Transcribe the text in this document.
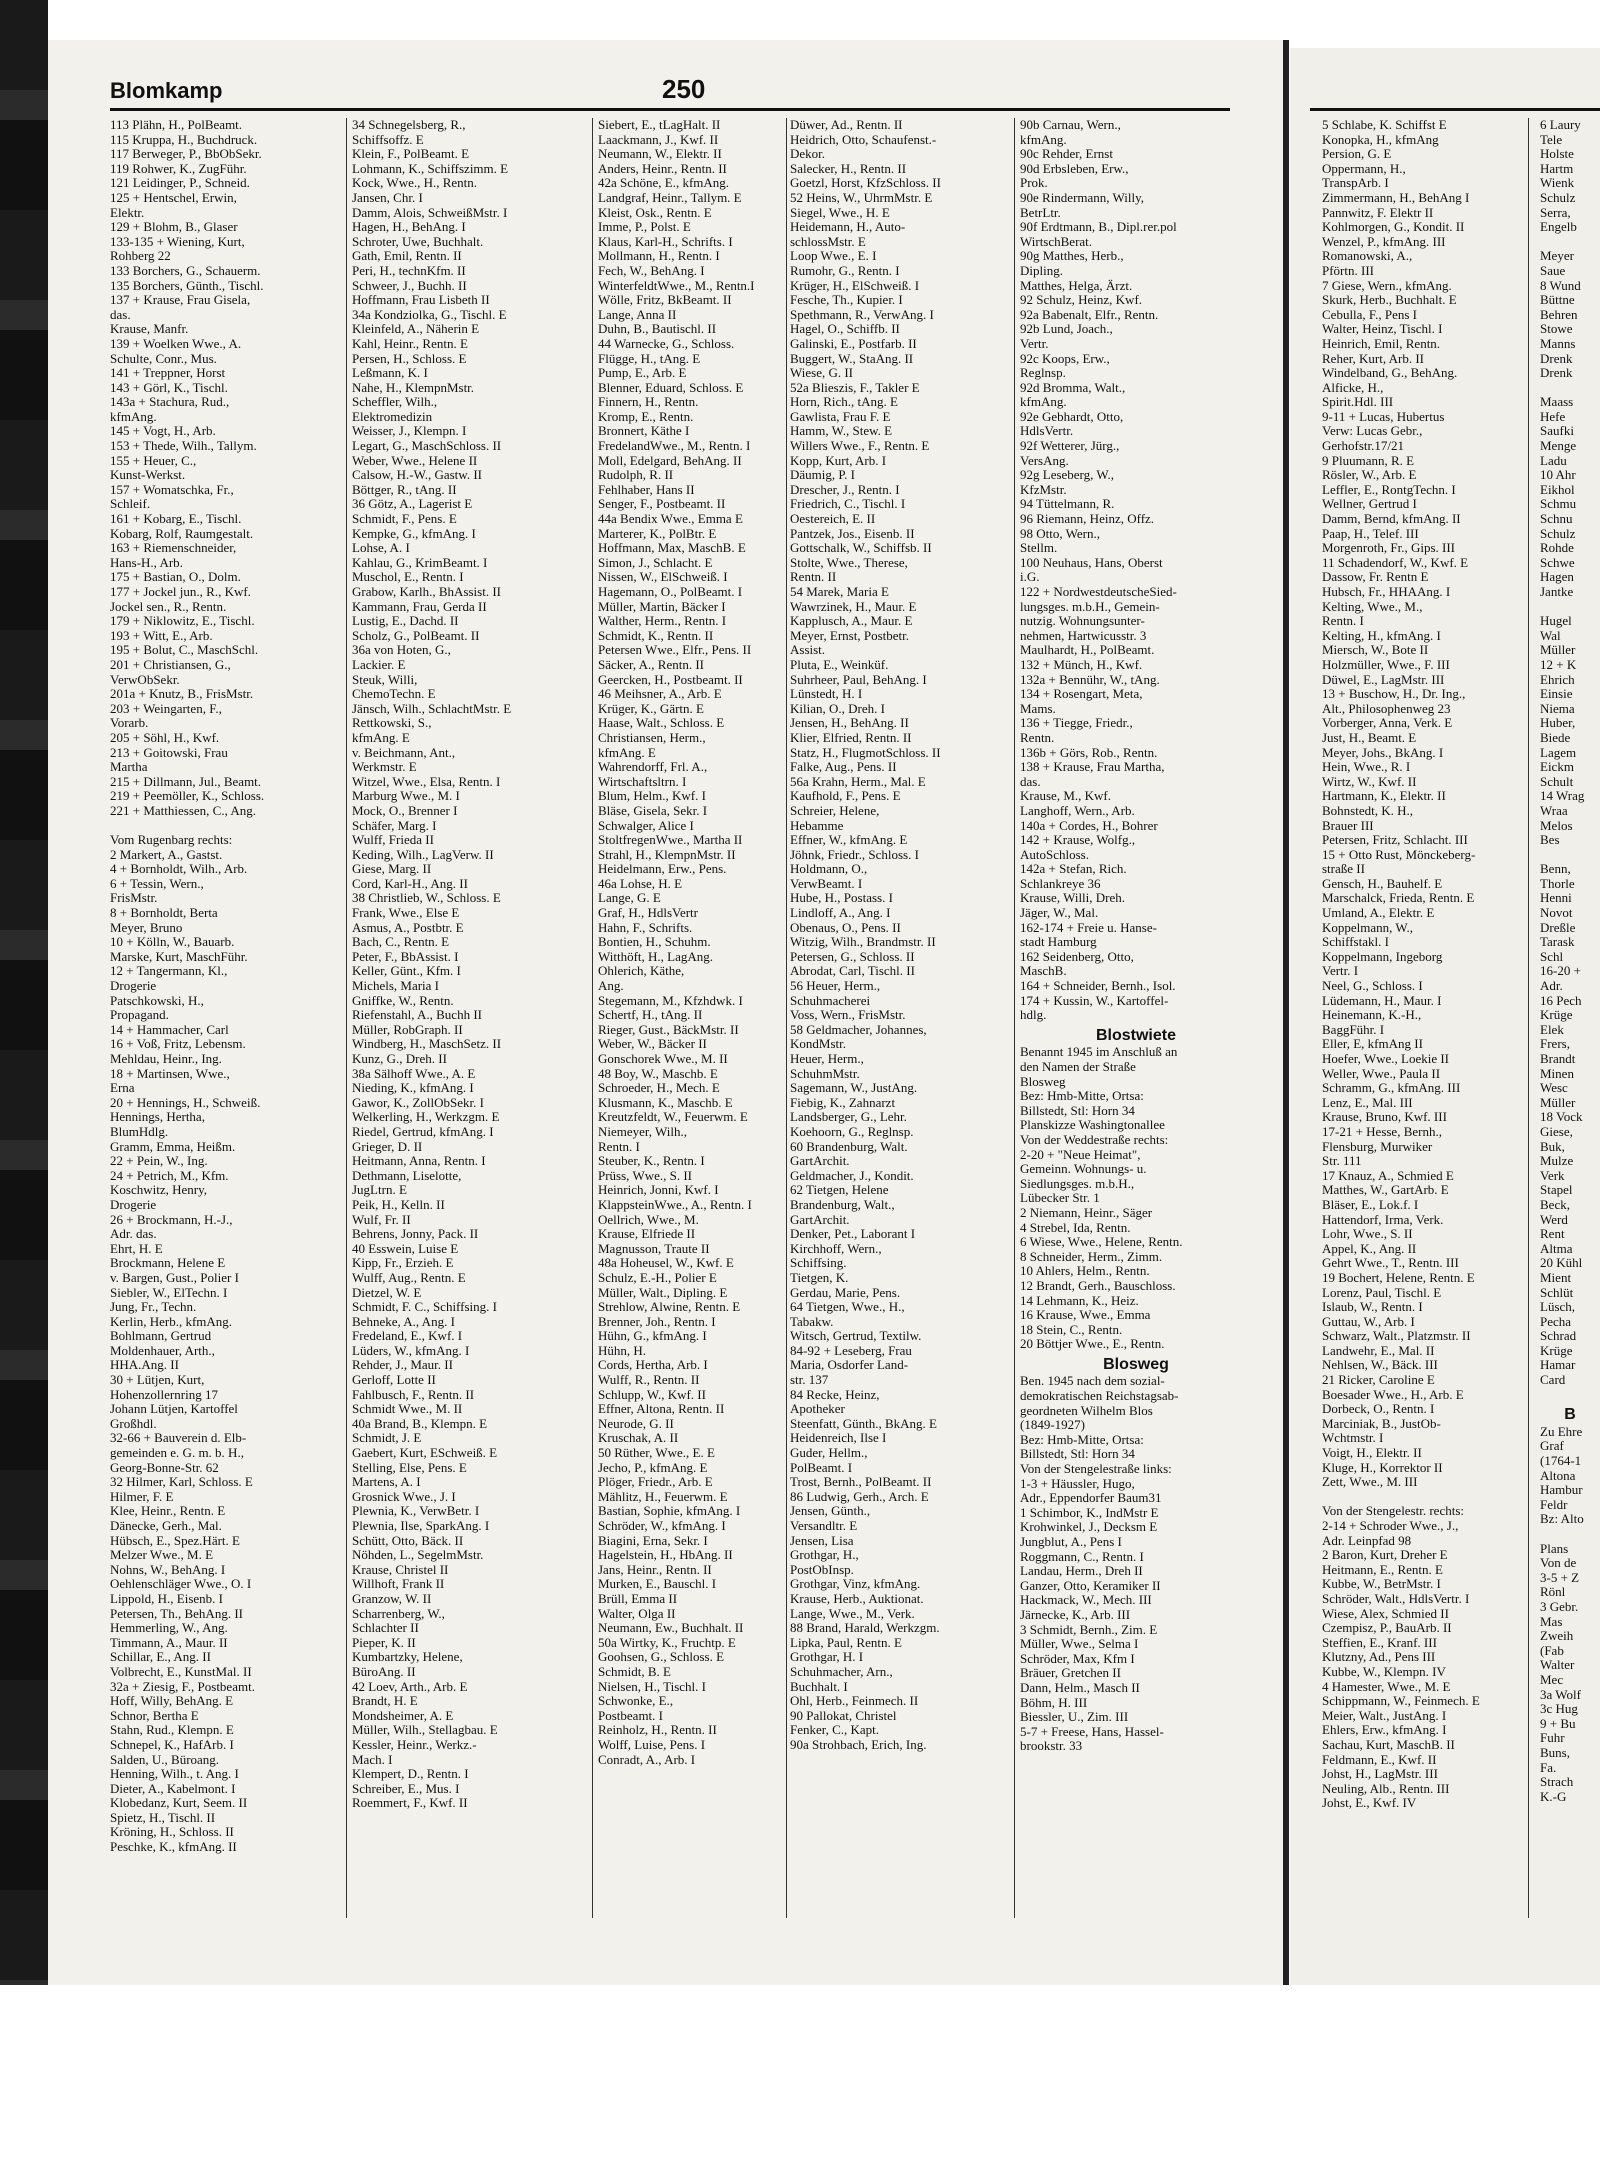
Blomkamp	250
113 Plähn, H., PolBeamt.
115 Kruppa, H., Buchdruck.
117 Berweger, P., BbObSekr.
119 Rohwer, K., ZugFühr.
121 Leidinger, P., Schneid.
125 + Hentschel, Erwin,
Elektr.
129 + Blohm, B., Glaser
133-135 + Wiening, Kurt,
Rohberg 22
133 Borchers, G., Schauerm.
135 Borchers, Günth., Tischl.
137 + Krause, Frau Gisela,
das.
Krause, Manfr.
139 + Woelken Wwe., A.
Schulte, Conr., Mus.
141 + Treppner, Horst
143 + Görl, K., Tischl.
143a + Stachura, Rud.,
kfmAng.
145 + Vogt, H., Arb.
153 + Thede, Wilh., Tallym.
155 + Heuer, C.,
Kunst-Werkst.
157 + Womatschka, Fr.,
Schleif.
161 + Kobarg, E., Tischl.
Kobarg, Rolf, Raumgestalt.
163 + Riemenschneider,
Hans-H., Arb.
175 + Bastian, O., Dolm.
177 + Jockel jun., R., Kwf.
Jockel sen., R., Rentn.
179 + Niklowitz, E., Tischl.
193 + Witt, E., Arb.
195 + Bolut, C., MaschSchl.
201 + Christiansen, G.,
VerwObSekr.
201a + Knutz, B., FrisMstr.
203 + Weingarten, F.,
Vorarb.
205 + Söhl, H., Kwf.
213 + Goitowski, Frau
Martha
215 + Dillmann, Jul., Beamt.
219 + Peemöller, K., Schloss.
221 + Matthiessen, C., Ang.

Vom Rugenbarg rechts:
2 Markert, A., Gastst.
4 + Bornholdt, Wilh., Arb.
6 + Tessin, Wern.,
FrisMstr.
8 + Bornholdt, Berta
Meyer, Bruno
10 + Kölln, W., Bauarb.
Marske, Kurt, MaschFühr.
12 + Tangermann, Kl.,
Drogerie
Patschkowski, H.,
Propagand.
14 + Hammacher, Carl
16 + Voß, Fritz, Lebensm.
Mehldau, Heinr., Ing.
18 + Martinsen, Wwe.,
Erna
20 + Hennings, H., Schweiß.
Hennings, Hertha,
BlumHdlg.
Gramm, Emma, Heißm.
22 + Pein, W., Ing.
24 + Petrich, M., Kfm.
Koschwitz, Henry,
Drogerie
26 + Brockmann, H.-J.,
Adr. das.
Ehrt, H. E
Brockmann, Helene E
v. Bargen, Gust., Polier I
Siebler, W., ElTechn. I
Jung, Fr., Techn.
Kerlin, Herb., kfmAng.
Bohlmann, Gertrud
Moldenhauer, Arth.,
HHA.Ang. II
30 + Lütjen, Kurt,
Hohenzollernring 17
Johann Lütjen, Kartoffel
Großhdl.
32-66 + Bauverein d. Elb-
gemeinden e. G. m. b. H.,
Georg-Bonne-Str. 62
32 Hilmer, Karl, Schloss. E
Hilmer, F. E
Klee, Heinr., Rentn. E
Dänecke, Gerh., Mal.
Hübsch, E., Spez.Härt. E
Melzer Wwe., M. E
Nohns, W., BehAng. I
Oehlenschläger Wwe., O. I
Lippold, H., Eisenb. I
Petersen, Th., BehAng. II
Hemmerling, W., Ang.
Timmann, A., Maur. II
Schillar, E., Ang. II
Volbrecht, E., KunstMal. II
32a + Ziesig, F., Postbeamt.
Hoff, Willy, BehAng. E
Schnor, Bertha E
Stahn, Rud., Klempn. E
Schnepel, K., HafArb. I
Salden, U., Büroang.
Henning, Wilh., t. Ang. I
Dieter, A., Kabelmont. I
Klobedanz, Kurt, Seem. II
Spietz, H., Tischl. II
Kröning, H., Schloss. II
Peschke, K., kfmAng. II
34 Schnegelsberg, R.,
Schiffsoffz. E
Klein, F., PolBeamt. E
Lohmann, K., Schiffszimm. E
Kock, Wwe., H., Rentn.
Jansen, Chr. I
Damm, Alois, SchweißMstr. I
Hagen, H., BehAng. I
Schroter, Uwe, Buchhalt.
Gath, Emil, Rentn. II
Peri, H., technKfm. II
Schweer, J., Buchh. II
Hoffmann, Frau Lisbeth II
34a Kondziolka, G., Tischl. E
Kleinfeld, A., Näherin E
Kahl, Heinr., Rentn. E
Persen, H., Schloss. E
Leßmann, K. I
Nahe, H., KlempnMstr.
Scheffler, Wilh.,
Elektromedizin
Weisser, J., Klempn. I
Legart, G., MaschSchloss. II
Weber, Wwe., Helene II
Calsow, H.-W., Gastw. II
Böttger, R., tAng. II
36 Götz, A., Lagerist E
Schmidt, F., Pens. E
Kempke, G., kfmAng. I
Lohse, A. I
Kahlau, G., KrimBeamt. I
Muschol, E., Rentn. I
Grabow, Karlh., BhAssist. II
Kammann, Frau, Gerda II
Lustig, E., Dachd. II
Scholz, G., PolBeamt. II
36a von Hoten, G.,
Lackier. E
Steuk, Willi,
ChemoTechn. E
Jänsch, Wilh., SchlachtMstr. E
Rettkowski, S.,
kfmAng. E
v. Beichmann, Ant.,
Werkmstr. E
Witzel, Wwe., Elsa, Rentn. I
Marburg Wwe., M. I
Mock, O., Brenner I
Schäfer, Marg. I
Wulff, Frieda II
Keding, Wilh., LagVerw. II
Giese, Marg. II
Cord, Karl-H., Ang. II
38 Christlieb, W., Schloss. E
Frank, Wwe., Else E
Asmus, A., Postbtr. E
Bach, C., Rentn. E
Peter, F., BbAssist. I
Keller, Günt., Kfm. I
Michels, Maria I
Gniffke, W., Rentn.
Riefenstahl, A., Buchh II
Müller, RobGraph. II
Windberg, H., MaschSetz. II
Kunz, G., Dreh. II
38a Sälhoff Wwe., A. E
Nieding, K., kfmAng. I
Gawor, K., ZollObSekr. I
Welkerling, H., Werkzgm. E
Riedel, Gertrud, kfmAng. I
Grieger, D. II
Heitmann, Anna, Rentn. I
Dethmann, Liselotte,
JugLtrn. E
Peik, H., Kelln. II
Wulf, Fr. II
Behrens, Jonny, Pack. II
40 Esswein, Luise E
Kipp, Fr., Erzieh. E
Wulff, Aug., Rentn. E
Dietzel, W. E
Schmidt, F. C., Schiffsing. I
Behneke, A., Ang. I
Fredeland, E., Kwf. I
Lüders, W., kfmAng. I
Rehder, J., Maur. II
Gerloff, Lotte II
Fahlbusch, F., Rentn. II
Schmidt Wwe., M. II
40a Brand, B., Klempn. E
Schmidt, J. E
Gaebert, Kurt, ESchweiß. E
Stelling, Else, Pens. E
Martens, A. I
Grosnick Wwe., J. I
Plewnia, K., VerwBetr. I
Plewnia, Ilse, SparkAng. I
Schütt, Otto, Bäck. II
Nöhden, L., SegelmMstr.
Krause, Christel II
Willhoft, Frank II
Granzow, W. II
Scharrenberg, W.,
Schlachter II
Pieper, K. II
Kumbartzky, Helene,
BüroAng. II
42 Loev, Arth., Arb. E
Brandt, H. E
Mondsheimer, A. E
Müller, Wilh., Stellagbau. E
Kessler, Heinr., Werkz.-
Mach. I
Klempert, D., Rentn. I
Schreiber, E., Mus. I
Roemmert, F., Kwf. II
Siebert, E., tLagHalt. II
Laackmann, J., Kwf. II
Neumann, W., Elektr. II
Anders, Heinr., Rentn. II
42a Schöne, E., kfmAng.
Landgraf, Heinr., Tallym. E
Kleist, Osk., Rentn. E
Imme, P., Polst. E
Klaus, Karl-H., Schrifts. I
Mollmann, H., Rentn. I
Fech, W., BehAng. I
WinterfeldtWwe., M., Rentn.I
Wölle, Fritz, BkBeamt. II
Lange, Anna II
Duhn, B., Bautischl. II
44 Warnecke, G., Schloss.
Flügge, H., tAng. E
Pump, E., Arb. E
Blenner, Eduard, Schloss. E
Finnern, H., Rentn.
Kromp, E., Rentn.
Bronnert, Käthe I
FredelandWwe., M., Rentn. I
Moll, Edelgard, BehAng. II
Rudolph, R. II
Fehlhaber, Hans II
Senger, F., Postbeamt. II
44a Bendix Wwe., Emma E
Marterer, K., PolBtr. E
Hoffmann, Max, MaschB. E
Simon, J., Schlacht. E
Nissen, W., ElSchweiß. I
Hagemann, O., PolBeamt. I
Müller, Martin, Bäcker I
Walther, Herm., Rentn. I
Schmidt, K., Rentn. II
Petersen Wwe., Elfr., Pens. II
Säcker, A., Rentn. II
Geercken, H., Postbeamt. II
46 Meihsner, A., Arb. E
Krüger, K., Gärtn. E
Haase, Walt., Schloss. E
Christiansen, Herm.,
kfmAng. E
Wahrendorff, Frl. A.,
Wirtschaftsltrn. I
Blum, Helm., Kwf. I
Bläse, Gisela, Sekr. I
Schwalger, Alice I
StoltfregenWwe., Martha II
Strahl, H., KlempnMstr. II
Heidelmann, Erw., Pens.
46a Lohse, H. E
Lange, G. E
Graf, H., HdlsVertr
Hahn, F., Schrifts.
Bontien, H., Schuhm.
Witthöft, H., LagAng.
Ohlerich, Käthe,
Ang.
Stegemann, M., Kfzhdwk. I
Schertf, H., tAng. II
Rieger, Gust., BäckMstr. II
Weber, W., Bäcker II
Gonschorek Wwe., M. II
48 Boy, W., Maschb. E
Schroeder, H., Mech. E
Klusmann, K., Maschb. E
Kreutzfeldt, W., Feuerwm. E
Niemeyer, Wilh.,
Rentn. I
Steuber, K., Rentn. I
Prüss, Wwe., S. II
Heinrich, Jonni, Kwf. I
KlappsteinWwe., A., Rentn. I
Oellrich, Wwe., M.
Krause, Elfriede II
Magnusson, Traute II
48a Hoheusel, W., Kwf. E
Schulz, E.-H., Polier E
Müller, Walt., Dipling. E
Strehlow, Alwine, Rentn. E
Brenner, Joh., Rentn. I
Hühn, G., kfmAng. I
Hühn, H.
Cords, Hertha, Arb. I
Wulff, R., Rentn. II
Schlupp, W., Kwf. II
Effner, Altona, Rentn. II
Neurode, G. II
Kruschak, A. II
50 Rüther, Wwe., E. E
Jecho, P., kfmAng. E
Plöger, Friedr., Arb. E
Mählitz, H., Feuerwm. E
Bastian, Sophie, kfmAng. I
Schröder, W., kfmAng. I
Biagini, Erna, Sekr. I
Hagelstein, H., HbAng. II
Jans, Heinr., Rentn. II
Murken, E., Bauschl. I
Brüll, Emma II
Walter, Olga II
Neumann, Ew., Buchhalt. II
50a Wirtky, K., Fruchtp. E
Goohsen, G., Schloss. E
Schmidt, B. E
Nielsen, H., Tischl. I
Schwonke, E.,
Postbeamt. I
Reinholz, H., Rentn. II
Wolff, Luise, Pens. I
Conradt, A., Arb. I
Düwer, Ad., Rentn. II
Heidrich, Otto, Schaufenst.-
Dekor.
Salecker, H., Rentn. II
Goetzl, Horst, KfzSchloss. II
52 Heins, W., UhrmMstr. E
Siegel, Wwe., H. E
Heidemann, H., Auto-
schlossMstr. E
Loop Wwe., E. I
Rumohr, G., Rentn. I
Krüger, H., ElSchweiß. I
Fesche, Th., Kupier. I
Spethmann, R., VerwAng. I
Hagel, O., Schiffb. II
Galinski, E., Postfarb. II
Buggert, W., StaAng. II
Wiese, G. II
52a Blieszis, F., Takler E
Horn, Rich., tAng. E
Gawlista, Frau F. E
Hamm, W., Stew. E
Willers Wwe., F., Rentn. E
Kopp, Kurt, Arb. I
Däumig, P. I
Drescher, J., Rentn. I
Friedrich, C., Tischl. I
Oestereich, E. II
Pantzek, Jos., Eisenb. II
Gottschalk, W., Schiffsb. II
Stolte, Wwe., Therese,
Rentn. II
54 Marek, Maria E
Wawrzinek, H., Maur. E
Kapplusch, A., Maur. E
Meyer, Ernst, Postbetr.
Assist.
Pluta, E., Weinküf.
Suhrheer, Paul, BehAng. I
Lünstedt, H. I
Kilian, O., Dreh. I
Jensen, H., BehAng. II
Klier, Elfried, Rentn. II
Statz, H., FlugmotSchloss. II
Falke, Aug., Pens. II
56a Krahn, Herm., Mal. E
Kaufhold, F., Pens. E
Schreier, Helene,
Hebamme
Effner, W., kfmAng. E
Jöhnk, Friedr., Schloss. I
Holdmann, O.,
VerwBeamt. I
Hube, H., Postass. I
Lindloff, A., Ang. I
Obenaus, O., Pens. II
Witzig, Wilh., Brandmstr. II
Petersen, G., Schloss. II
Abrodat, Carl, Tischl. II
56 Heuer, Herm.,
Schuhmacherei
Voss, Wern., FrisMstr.
58 Geldmacher, Johannes,
KondMstr.
Heuer, Herm.,
SchuhmMstr.
Sagemann, W., JustAng.
Fiebig, K., Zahnarzt
Landsberger, G., Lehr.
Koehoorn, G., Reglnsp.
60 Brandenburg, Walt.
GartArchit.
Geldmacher, J., Kondit.
62 Tietgen, Helene
Brandenburg, Walt.,
GartArchit.
Denker, Pet., Laborant I
Kirchhoff, Wern.,
Schiffsing.
Tietgen, K.
Gerdau, Marie, Pens.
64 Tietgen, Wwe., H.,
Tabakw.
Witsch, Gertrud, Textilw.
84-92 + Leseberg, Frau
Maria, Osdorfer Land-
str. 137
84 Recke, Heinz,
Apotheker
Steenfatt, Günth., BkAng. E
Heidenreich, Ilse I
Guder, Hellm.,
PolBeamt. I
Trost, Bernh., PolBeamt. II
86 Ludwig, Gerh., Arch. E
Jensen, Günth.,
Versandltr. E
Jensen, Lisa
Grothgar, H.,
PostObInsp.
Grothgar, Vinz, kfmAng.
Krause, Herb., Auktionat.
Lange, Wwe., M., Verk.
88 Brand, Harald, Werkzgm.
Lipka, Paul, Rentn. E
Grothgar, H. I
Schuhmacher, Arn.,
Buchhalt. I
Ohl, Herb., Feinmech. II
90 Pallokat, Christel
Fenker, C., Kapt.
90a Strohbach, Erich, Ing.
90b Carnau, Wern.,
kfmAng.
90c Rehder, Ernst
90d Erbsleben, Erw.,
Prok.
90e Rindermann, Willy,
BetrLtr.
90f Erdtmann, B., Dipl.rer.pol
WirtschBerat.
90g Matthes, Herb.,
Dipling.
Matthes, Helga, Ärzt.
92 Schulz, Heinz, Kwf.
92a Babenalt, Elfr., Rentn.
92b Lund, Joach.,
Vertr.
92c Koops, Erw.,
Reglnsp.
92d Bromma, Walt.,
kfmAng.
92e Gebhardt, Otto,
HdlsVertr.
92f Wetterer, Jürg.,
VersAng.
92g Leseberg, W.,
KfzMstr.
94 Tüttelmann, R.
96 Riemann, Heinz, Offz.
98 Otto, Wern.,
Stellm.
100 Neuhaus, Hans, Oberst
i.G.
122 + NordwestdeutscheSied-
lungsges. m.b.H., Gemein-
nutzig. Wohnungsunter-
nehmen, Hartwicusstr. 3
Maulhardt, H., PolBeamt.
132 + Münch, H., Kwf.
132a + Bennühr, W., tAng.
134 + Rosengart, Meta,
Mams.
136 + Tiegge, Friedr.,
Rentn.
136b + Görs, Rob., Rentn.
138 + Krause, Frau Martha,
das.
Krause, M., Kwf.
Langhoff, Wern., Arb.
140a + Cordes, H., Bohrer
142 + Krause, Wolfg.,
AutoSchloss.
142a + Stefan, Rich.
Schlankreye 36
Krause, Willi, Dreh.
Jäger, W., Mal.
162-174 + Freie u. Hanse-
stadt Hamburg
162 Seidenberg, Otto,
MaschB.
164 + Schneider, Bernh., Isol.
174 + Kussin, W., Kartoffel-
hdlg.
Blostwiete
Benannt 1945 im Anschluß an
den Namen der Straße
Blosweg
Bez: Hmb-Mitte, Ortsa:
Billstedt, Stl: Horn 34
Planskizze Washingtonallee
Von der Weddestraße rechts:
2-20 + "Neue Heimat",
Gemeinn. Wohnungs- u.
Siedlungsges. m.b.H.,
Lübecker Str. 1
2 Niemann, Heinr., Säger
4 Strebel, Ida, Rentn.
6 Wiese, Wwe., Helene, Rentn.
8 Schneider, Herm., Zimm.
10 Ahlers, Helm., Rentn.
12 Brandt, Gerh., Bauschloss.
14 Lehmann, K., Heiz.
16 Krause, Wwe., Emma
18 Stein, C., Rentn.
20 Böttjer Wwe., E., Rentn.
Blosweg
Ben. 1945 nach dem sozial-
demokratischen Reichstagsab-
geordneten Wilhelm Blos
(1849-1927)
Bez: Hmb-Mitte, Ortsa:
Billstedt, Stl: Horn 34
Von der Stengelestraße links:
1-3 + Häussler, Hugo,
Adr., Eppendorfer Baum31
1 Schimbor, K., IndMstr E
Krohwinkel, J., Decksm E
Jungblut, A., Pens I
Roggmann, C., Rentn. I
Landau, Herm., Dreh II
Ganzer, Otto, Keramiker II
Hackmack, W., Mech. III
Järnecke, K., Arb. III
3 Schmidt, Bernh., Zim. E
Müller, Wwe., Selma I
Schröder, Max, Kfm I
Bräuer, Gretchen II
Dann, Helm., Masch II
Böhm, H. III
Biessler, U., Zim. III
5-7 + Freese, Hans, Hassel-
brookstr. 33
5 Schlabe, K. Schiffst E
Konopka, H., kfmAng
Persion, G. E
Oppermann, H.,
TranspArb. I
Zimmermann, H., BehAng I
Pannwitz, F. Elektr II
Kohlmorgen, G., Kondit. II
Wenzel, P., kfmAng. III
Romanowski, A.,
Pförtn. III
7 Giese, Wern., kfmAng.
Skurk, Herb., Buchhalt. E
Cebulla, F., Pens I
Walter, Heinz, Tischl. I
Heinrich, Emil, Rentn.
Reher, Kurt, Arb. II
Windelband, G., BehAng.
Alficke, H.,
Spirit.Hdl. III
9-11 + Lucas, Hubertus
Verw: Lucas Gebr.,
Gerhofstr.17/21
9 Pluumann, R. E
Rösler, W., Arb. E
Leffler, E., RontgTechn. I
Wellner, Gertrud I
Damm, Bernd, kfmAng. II
Paap, H., Telef. III
Morgenroth, Fr., Gips. III
11 Schadendorf, W., Kwf. E
Dassow, Fr. Rentn E
Hubsch, Fr., HHAAng. I
Kelting, Wwe., M.,
Rentn. I
Kelting, H., kfmAng. I
Miersch, W., Bote II
Holzmüller, Wwe., F. III
Düwel, E., LagMstr. III
13 + Buschow, H., Dr. Ing.,
Alt., Philosophenweg 23
Vorberger, Anna, Verk. E
Just, H., Beamt. E
Meyer, Johs., BkAng. I
Hein, Wwe., R. I
Wirtz, W., Kwf. II
Hartmann, K., Elektr. II
Bohnstedt, K. H.,
Brauer III
Petersen, Fritz, Schlacht. III
15 + Otto Rust, Mönckeberg-
straße II
Gensch, H., Bauhelf. E
Marschalck, Frieda, Rentn. E
Umland, A., Elektr. E
Koppelmann, W.,
Schiffstakl. I
Koppelmann, Ingeborg
Vertr. I
Neel, G., Schloss. I
Lüdemann, H., Maur. I
Heinemann, K.-H.,
BaggFühr. I
Eller, E, kfmAng II
Hoefer, Wwe., Loekie II
Weller, Wwe., Paula II
Schramm, G., kfmAng. III
Lenz, E., Mal. III
Krause, Bruno, Kwf. III
17-21 + Hesse, Bernh.,
Flensburg, Murwiker
Str. 111
17 Knauz, A., Schmied E
Matthes, W., GartArb. E
Bläser, E., Lok.f. I
Hattendorf, Irma, Verk.
Lohr, Wwe., S. II
Appel, K., Ang. II
Gehrt Wwe., T., Rentn. III
19 Bochert, Helene, Rentn. E
Lorenz, Paul, Tischl. E
Islaub, W., Rentn. I
Guttau, W., Arb. I
Schwarz, Walt., Platzmstr. II
Landwehr, E., Mal. II
Nehlsen, W., Bäck. III
21 Ricker, Caroline E
Boesader Wwe., H., Arb. E
Dorbeck, O., Rentn. I
Marciniak, B., JustOb-
Wchtmstr. I
Voigt, H., Elektr. II
Kluge, H., Korrektor II
Zett, Wwe., M. III

Von der Stengelestr. rechts:
2-14 + Schroder Wwe., J.,
Adr. Leinpfad 98
2 Baron, Kurt, Dreher E
Heitmann, E., Rentn. E
Kubbe, W., BetrMstr. I
Schröder, Walt., HdlsVertr. I
Wiese, Alex, Schmied II
Czempisz, P., BauArb. II
Steffien, E., Kranf. III
Klutzny, Ad., Pens III
Kubbe, W., Klempn. IV
4 Hamester, Wwe., M. E
Schippmann, W., Feinmech. E
Meier, Walt., JustAng. I
Ehlers, Erw., kfmAng. I
Sachau, Kurt, MaschB. II
Feldmann, E., Kwf. II
Johst, H., LagMstr. III
Neuling, Alb., Rentn. III
Johst, E., Kwf. IV
6 Laury
Tele
Holste
Hartm
Wienk
Schulz
Serra,
Engelb

Meyer
Saue
8 Wund
Büttne
Behren
Stowe
Manns
Drenk
Drenk

Maass
Hefe
Saufki
Menge
Ladu
10 Ahr
Eikhol
Schmu
Schnu
Schulz
Rohde
Schwe
Hagen
Jantke

Hugel
Wal
Müller
12 + K
Ehrich
Einsie
Niema
Huber,
Biede
Lagem
Eickm
Schult
14 Wrag
Wraa
Melos
Bes

Benn,
Thorle
Henni
Novot
Dreßle
Tarask
Schl
16-20 +
Adr.
16 Pech
Krüge
Elek
Frers,
Brandt
Minen
Wesc
Müller
18 Vock
Giese,
Buk,
Mulze
Verk
Stapel
Beck,
Werd
Rent
Altma
20 Kühl
Mient
Schlüt
Lüsch,
Pecha
Schrad
Krüge
Hamar
Card

B
Zu Ehre
Graf
(1764-1
Altona
Hambur
Feldr
Bz: Alto

Plans
Von de
3-5 + Z
Rönl
3 Gebr.
Mas
Zweih
(Fab
Walter
Mec
3a Wolf
3c Hug
9 + Bu
Fuhr
Buns,
Fa.
Strach
K.-G
